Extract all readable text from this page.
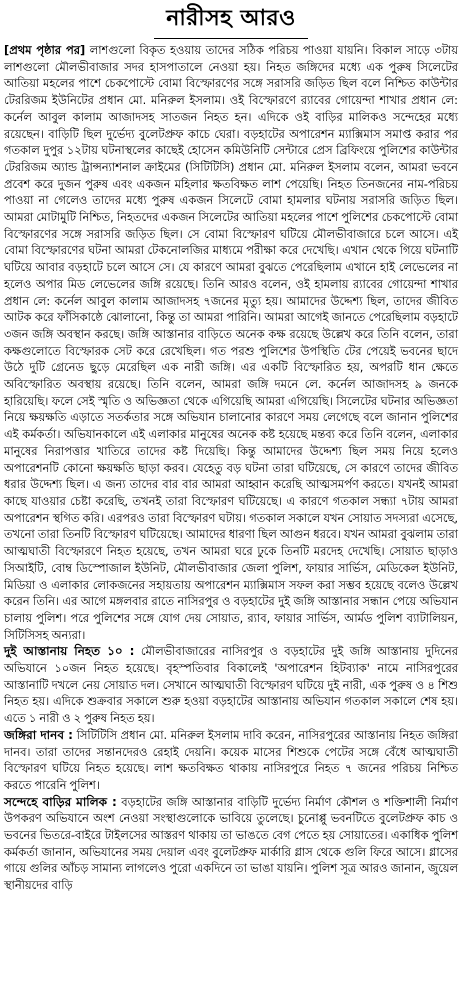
নারীসহ আরও

[প্রথম পৃষ্ঠার পর] লাশগুলো বিকৃত হওয়ায় তাদের সঠিক পরিচয় পাওয়া যায়নি। বিকাল সাড়ে ৩টায় লাশগুলো মৌলভীবাজার সদর হাসপাতালে নেওয়া হয়। নিহত জঙ্গিদের মধ্যে এক পুরুষ সিলেটের আতিয়া মহলের পাশে চেকপোস্টে বোমা বিস্ফোরণের সঙ্গে সরাসরি জড়িত ছিল বলে নিশ্চিত কাউন্টার টেররিজম ইউনিটের প্রধান মো. মনিরুল ইসলাম। ওই বিস্ফোরণে র‍্যাবের গোয়েন্দা শাখার প্রধান লে: কর্নেল আবুল কালাম আজাদসহ সাতজন নিহত হন। এদিকে ওই বাড়ির মালিকও সন্দেহের মধ্যে রয়েছেন। বাড়িটি ছিল দুর্ভেদ্য বুলেটপ্রুফ কাচে ঘেরা। বড়হাটের অপারেশন ম্যাক্সিমাস সমাপ্ত করার পর গতকাল দুপুর ১২টায় ঘটনাস্থলের কাছেই হোসেন কমিউনিটি সেন্টারে প্রেস ব্রিফিংয়ে পুলিশের কাউন্টার টেররিজম অ্যান্ড ট্রান্সন্যাশনাল ক্রাইমের (সিটিটিসি) প্রধান মো. মনিরুল ইসলাম বলেন, আমরা ভবনে প্রবেশ করে দুজন পুরুষ এবং একজন মহিলার ক্ষতবিক্ষত লাশ পেয়েছি। নিহত তিনজনের নাম-পরিচয় পাওয়া না গেলেও তাদের মধ্যে পুরুষ একজন সিলেটে বোমা হামলার ঘটনায় সরাসরি জড়িত ছিল। আমরা মোটামুটি নিশ্চিত, নিহতদের একজন সিলেটের আতিয়া মহলের পাশে পুলিশের চেকপোস্টে বোমা বিস্ফোরণের সঙ্গে সরাসরি জড়িত ছিল। সে বোমা বিস্ফোরণ ঘটিয়ে মৌলভীবাজারে চলে আসে। এই বোমা বিস্ফোরণের ঘটনা আমরা টেকনোলজির মাধ্যমে পরীক্ষা করে দেখেছি। এখান থেকে গিয়ে ঘটনাটি ঘটিয়ে আবার বড়হাটে চলে আসে সে। যে কারণে আমরা বুঝতে পেরেছিলাম এখানে হাই লেভেলের না হলেও অপার মিড লেভেলের জঙ্গি রয়েছে। তিনি আরও বলেন, ওই হামলায় র‍্যাবের গোয়েন্দা শাখার প্রধান লে: কর্নেল আবুল কালাম আজাদসহ ৭জনের মৃত্যু হয়। আমাদের উদ্দেশ্য ছিল, তাদের জীবিত আটক করে ফাঁসিকাষ্ঠে ঝোলানো, কিন্তু তা আমরা পারিনি। আমরা আগেই জানতে পেরেছিলাম বড়হাটে ৩জন জঙ্গি অবস্থান করছে। জঙ্গি আস্তানার বাড়িতে অনেক কক্ষ রয়েছে উল্লেখ করে তিনি বলেন, তারা কক্ষগুলোতে বিস্ফোরক সেট করে রেখেছিল। গত পরশু পুলিশের উপস্থিতি টের পেয়েই ভবনের ছাদে উঠে দুটি গ্রেনেড ছুড়ে মেরেছিল এক নারী জঙ্গি। এর একটি বিস্ফোরিত হয়, অপরটি ধান ক্ষেতে অবিস্ফোরিত অবস্থায় রয়েছে। তিনি বলেন, আমরা জঙ্গি দমনে লে. কর্নেল আজাদসহ ৯ জনকে হারিয়েছি। ফলে সেই স্মৃতি ও অভিজ্ঞতা থেকে এগিয়েছি আমরা এগিয়েছি। সিলেটের ঘটনার অভিজ্ঞতা নিয়ে ক্ষয়ক্ষতি এড়াতে সতর্কতার সঙ্গে অভিযান চালানোর কারণে সময় লেগেছে বলে জানান পুলিশের এই কর্মকর্তা। অভিযানকালে এই এলাকার মানুষের অনেক কষ্ট হয়েছে মন্তব্য করে তিনি বলেন, এলাকার মানুষের নিরাপত্তার খাতিরে তাদের কষ্ট দিয়েছি। কিন্তু আমাদের উদ্দেশ্য ছিল সময় নিয়ে হলেও অপারেশনটি কোনো ক্ষয়ক্ষতি ছাড়া করব। যেহেতু বড় ঘটনা তারা ঘটিয়েছে, সে কারণে তাদের জীবিত ধরার উদ্দেশ্য ছিল। এ জন্য তাদের বার বার আমরা আহ্বান করেছি আত্মসমর্পণ করতে। যখনই আমরা কাছে যাওয়ার চেষ্টা করেছি, তখনই তারা বিস্ফোরণ ঘটিয়েছে। এ কারণে গতকাল সন্ধ্যা ৭টায় আমরা অপারেশন স্থগিত করি। এরপরও তারা বিস্ফোরণ ঘটায়। গতকাল সকালে যখন সোয়াত সদস্যরা এসেছে, তখনো তারা তিনটি বিস্ফোরণ ঘটিয়েছে। আমাদের ধারণা ছিল আগুন ধরবে। যখন আমরা বুঝলাম তারা আত্মঘাতী বিস্ফোরণে নিহত হয়েছে, তখন আমরা ঘরে ঢুকে তিনটি মরদেহ দেখেছি। সোয়াত ছাড়াও সিআইটি, বোম্ব ডিস্পোজাল ইউনিট, মৌলভীবাজার জেলা পুলিশ, ফায়ার সার্ভিস, মেডিকেল ইউনিট, মিডিয়া ও এলাকার লোকজনের সহায়তায় অপারেশন ম্যাক্সিমাস সফল করা সম্ভব হয়েছে বলেও উল্লেখ করেন তিনি। এর আগে মঙ্গলবার রাতে নাসিরপুর ও বড়হাটের দুই জঙ্গি আস্তানার সন্ধান পেয়ে অভিযান চালায় পুলিশ। পরে পুলিশের সঙ্গে যোগ দেয় সোয়াত, র‍্যাব, ফায়ার সার্ভিস, আর্মড পুলিশ ব্যাটালিয়ন, সিটিসিসহ অন্যরা।

দুই আস্তানায় নিহত ১০ : মৌলভীবাজারের নাসিরপুর ও বড়হাটের দুই জঙ্গি আস্তানায় দুদিনের অভিযানে ১০জন নিহত হয়েছে। বৃহস্পতিবার বিকালেই 'অপারেশন হিটব্যাক' নামে নাসিরপুরের আস্তানাটি দখলে নেয় সোয়াত দল। সেখানে আত্মঘাতী বিস্ফোরণ ঘটিয়ে দুই নারী, এক পুরুষ ও ৪ শিশু নিহত হয়। এদিকে শুক্রবার সকালে শুরু হওয়া বড়হাটের আস্তানায় অভিযান গতকাল সকালে শেষ হয়। এতে ১ নারী ও ২ পুরুষ নিহত হয়।

জঙ্গিরা দানব : সিটিটিসি প্রধান মো. মনিরুল ইসলাম দাবি করেন, নাসিরপুরের আস্তানায় নিহত জঙ্গিরা দানব। তারা তাদের সন্তানদেরও রেহাই দেয়নি। কয়েক মাসের শিশুকে পেটের সঙ্গে বেঁধে আত্মঘাতী বিস্ফোরণ ঘটিয়ে নিহত হয়েছে। লাশ ক্ষতবিক্ষত থাকায় নাসিরপুরে নিহত ৭ জনের পরিচয় নিশ্চিত করতে পারেনি পুলিশ।

সন্দেহে বাড়ির মালিক : বড়হাটের জঙ্গি আস্তানার বাড়িটি দুর্ভেদ্য নির্মাণ কৌশল ও শক্তিশালী নির্মাণ উপকরণ অভিযানে অংশ নেওয়া সংস্থাগুলোকে ভাবিয়ে তুলেছে। চুনোপ্পু ভবনটিতে বুলেটপ্রুফ কাচ ও ভবনের ভিতরে-বাইরে টাইলসের আস্তরণ থাকায় তা ভাঙতে বেগ পেতে হয় সোয়াতের। একাধিক পুলিশ কর্মকর্তা জানান, অভিযানের সময় দেয়াল এবং বুলেটপ্রুফ মার্কারি গ্লাস থেকে গুলি ফিরে আসে। গ্লাসের গায়ে গুলির আঁচড় সামান্য লাগলেও পুরো একদিনে তা ভাঙা যায়নি। পুলিশ সূত্র আরও জানান, জুয়েল স্থানীয়দের বাড়ি
